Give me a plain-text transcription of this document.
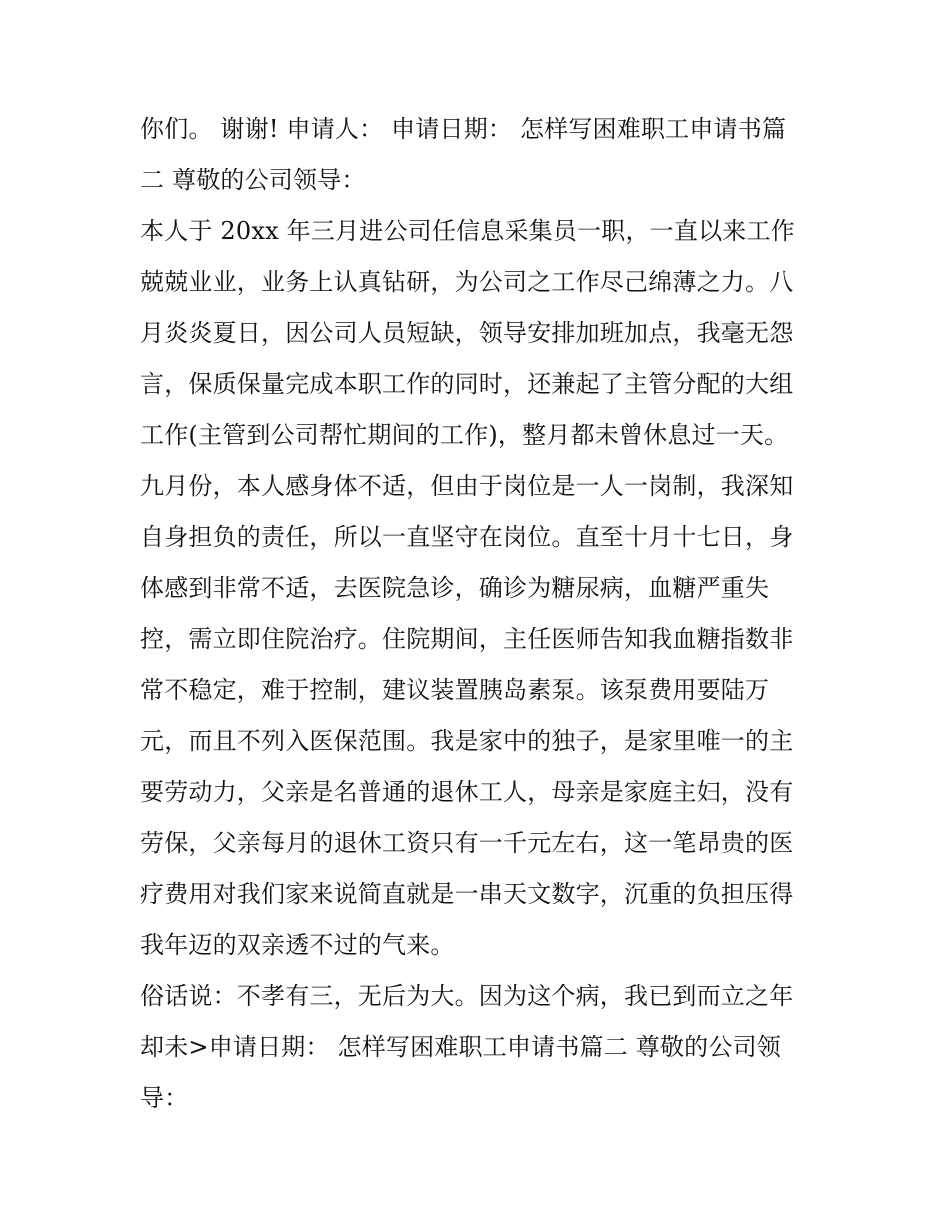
你们。 谢谢! 申请人： 申请日期： 怎样写困难职工申请书篇
二 尊敬的公司领导：
本人于 20xx 年三月进公司任信息采集员一职，一直以来工作
兢兢业业，业务上认真钻研，为公司之工作尽己绵薄之力。八
月炎炎夏日，因公司人员短缺，领导安排加班加点，我毫无怨
言，保质保量完成本职工作的同时，还兼起了主管分配的大组
工作(主管到公司帮忙期间的工作)，整月都未曾休息过一天。
九月份，本人感身体不适，但由于岗位是一人一岗制，我深知
自身担负的责任，所以一直坚守在岗位。直至十月十七日，身
体感到非常不适，去医院急诊，确诊为糖尿病，血糖严重失
控，需立即住院治疗。住院期间，主任医师告知我血糖指数非
常不稳定，难于控制，建议装置胰岛素泵。该泵费用要陆万
元，而且不列入医保范围。我是家中的独子，是家里唯一的主
要劳动力，父亲是名普通的退休工人，母亲是家庭主妇，没有
劳保，父亲每月的退休工资只有一千元左右，这一笔昂贵的医
疗费用对我们家来说简直就是一串天文数字，沉重的负担压得
我年迈的双亲透不过的气来。
俗话说：不孝有三，无后为大。因为这个病，我已到而立之年
却未>申请日期： 怎样写困难职工申请书篇二 尊敬的公司领
导：
